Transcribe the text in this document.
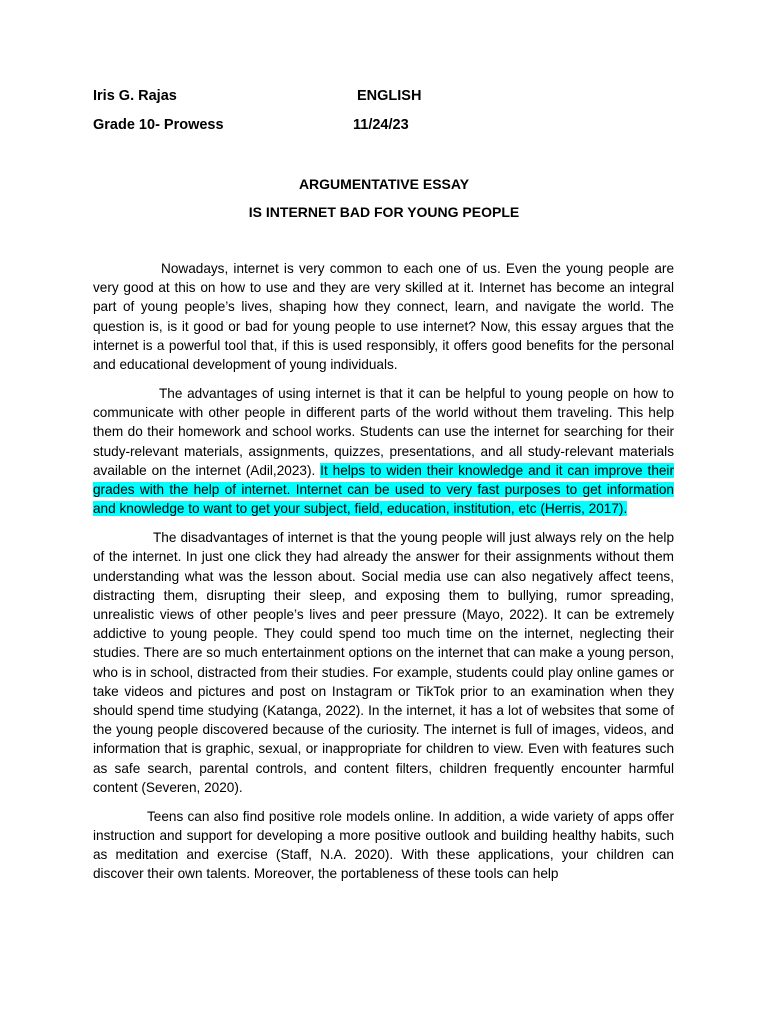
Iris G. Rajas	ENGLISH
Grade 10- Prowess	11/24/23
ARGUMENTATIVE ESSAY
IS INTERNET BAD FOR YOUNG PEOPLE

Nowadays, internet is very common to each one of us. Even the young people are very good at this on how to use and they are very skilled at it. Internet has become an integral part of young people’s lives, shaping how they connect, learn, and navigate the world. The question is, is it good or bad for young people to use internet? Now, this essay argues that the internet is a powerful tool that, if this is used responsibly, it offers good benefits for the personal and educational development of young individuals.

The advantages of using internet is that it can be helpful to young people on how to communicate with other people in different parts of the world without them traveling. This help them do their homework and school works. Students can use the internet for searching for their study-relevant materials, assignments, quizzes, presentations, and all study-relevant materials available on the internet (Adil,2023). It helps to widen their knowledge and it can improve their grades with the help of internet. Internet can be used to very fast purposes to get information and knowledge to want to get your subject, field, education, institution, etc (Herris, 2017).

The disadvantages of internet is that the young people will just always rely on the help of the internet. In just one click they had already the answer for their assignments without them understanding what was the lesson about. Social media use can also negatively affect teens, distracting them, disrupting their sleep, and exposing them to bullying, rumor spreading, unrealistic views of other people’s lives and peer pressure (Mayo, 2022). It can be extremely addictive to young people. They could spend too much time on the internet, neglecting their studies. There are so much entertainment options on the internet that can make a young person, who is in school, distracted from their studies. For example, students could play online games or take videos and pictures and post on Instagram or TikTok prior to an examination when they should spend time studying (Katanga, 2022). In the internet, it has a lot of websites that some of the young people discovered because of the curiosity. The internet is full of images, videos, and information that is graphic, sexual, or inappropriate for children to view. Even with features such as safe search, parental controls, and content filters, children frequently encounter harmful content (Severen, 2020).

Teens can also find positive role models online. In addition, a wide variety of apps offer instruction and support for developing a more positive outlook and building healthy habits, such as meditation and exercise (Staff, N.A. 2020). With these applications, your children can discover their own talents. Moreover, the portableness of these tools can help
